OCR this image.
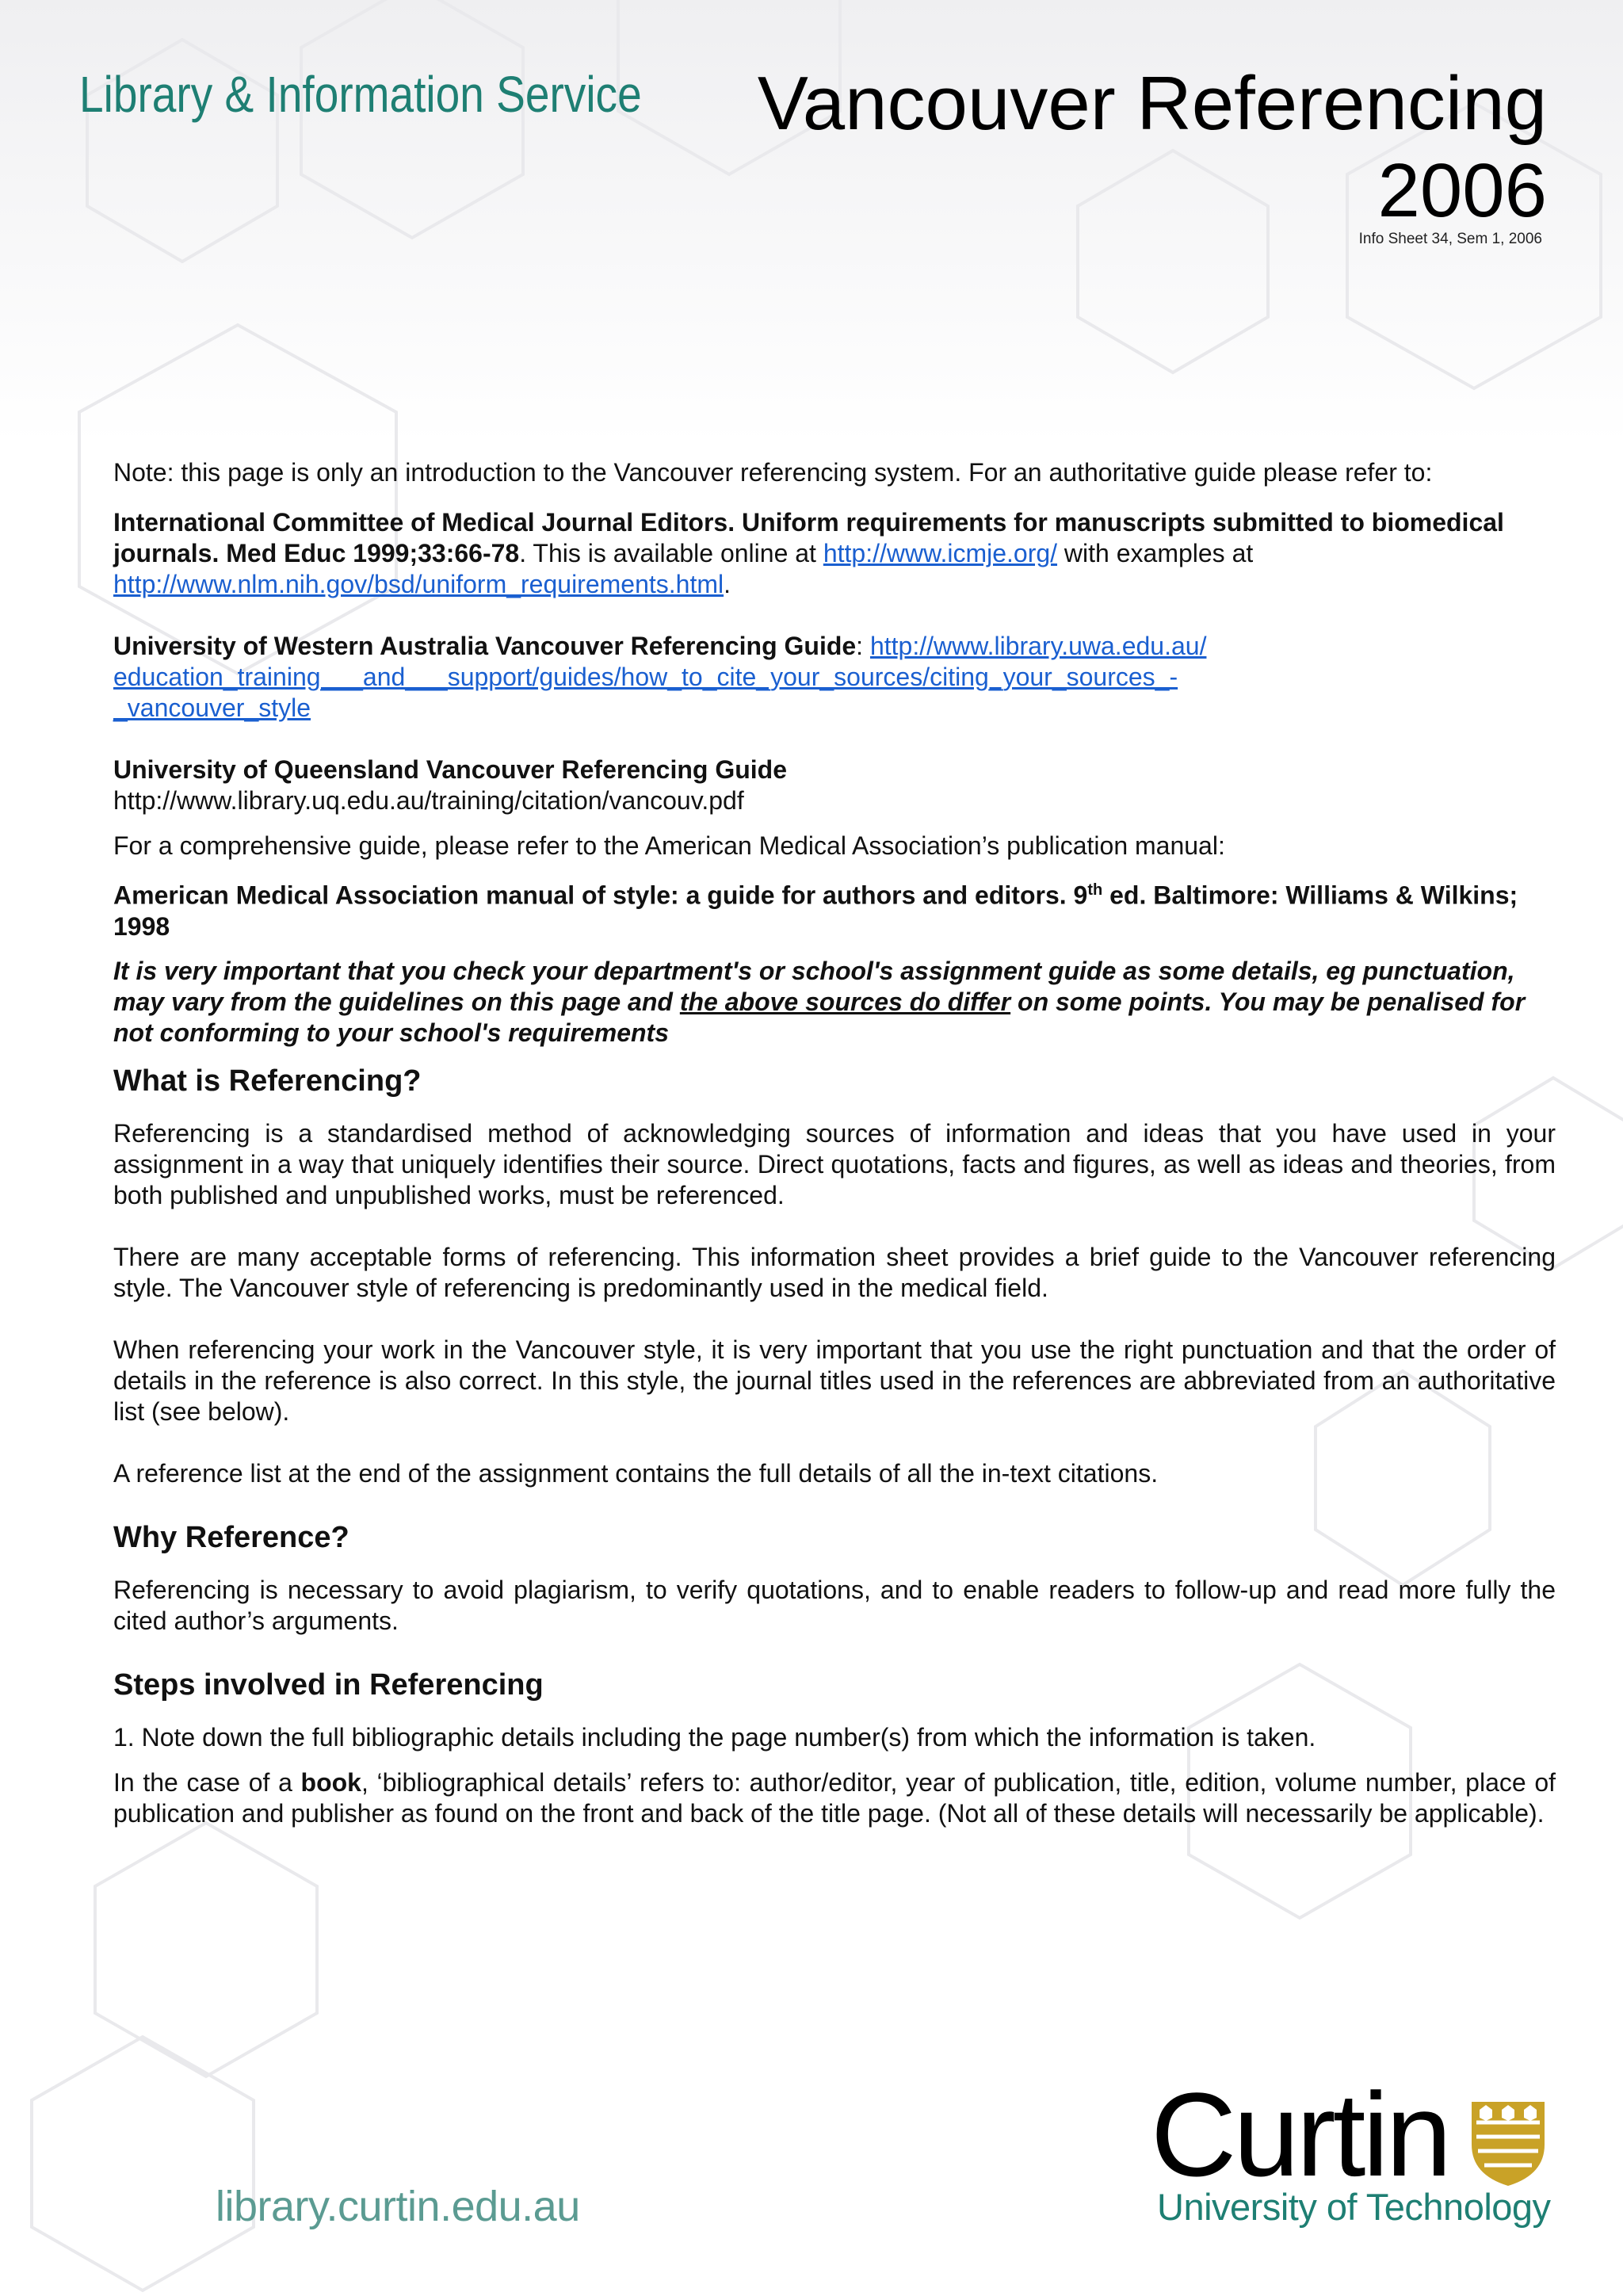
Library & Information Service Vancouver Referencing
2006
Info Sheet 34, Sem 1, 2006

Note: this page is only an introduction to the Vancouver referencing system. For an authoritative guide please refer to:

International Committee of Medical Journal Editors. Uniform requirements for manuscripts submitted to biomedical journals. Med Educ 1999;33:66-78. This is available online at http://www.icmje.org/ with examples at http://www.nlm.nih.gov/bsd/uniform_requirements.html.

University of Western Australia Vancouver Referencing Guide: http://www.library.uwa.edu.au/
education_training___and___support/guides/how_to_cite_your_sources/citing_your_sources_-
_vancouver_style

University of Queensland Vancouver Referencing Guide
http://www.library.uq.edu.au/training/citation/vancouv.pdf

For a comprehensive guide, please refer to the American Medical Association’s publication manual:

American Medical Association manual of style: a guide for authors and editors. 9th ed. Baltimore: Williams & Wilkins; 1998

It is very important that you check your department's or school's assignment guide as some details, eg punctuation, may vary from the guidelines on this page and the above sources do differ on some points. You may be penalised for not conforming to your school's requirements

What is Referencing?

Referencing is a standardised method of acknowledging sources of information and ideas that you have used in your assignment in a way that uniquely identifies their source. Direct quotations, facts and figures, as well as ideas and theories, from both published and unpublished works, must be referenced.

There are many acceptable forms of referencing. This information sheet provides a brief guide to the Vancouver referencing style. The Vancouver style of referencing is predominantly used in the medical field.

When referencing your work in the Vancouver style, it is very important that you use the right punctuation and that the order of details in the reference is also correct. In this style, the journal titles used in the references are abbreviated from an authoritative list (see below).

A reference list at the end of the assignment contains the full details of all the in-text citations.

Why Reference?

Referencing is necessary to avoid plagiarism, to verify quotations, and to enable readers to follow-up and read more fully the cited author’s arguments.

Steps involved in Referencing

1. Note down the full bibliographic details including the page number(s) from which the information is taken.

In the case of a book, ‘bibliographical details’ refers to: author/editor, year of publication, title, edition, volume number, place of publication and publisher as found on the front and back of the title page. (Not all of these details will necessarily be applicable).

library.curtin.edu.au
Curtin
University of Technology
